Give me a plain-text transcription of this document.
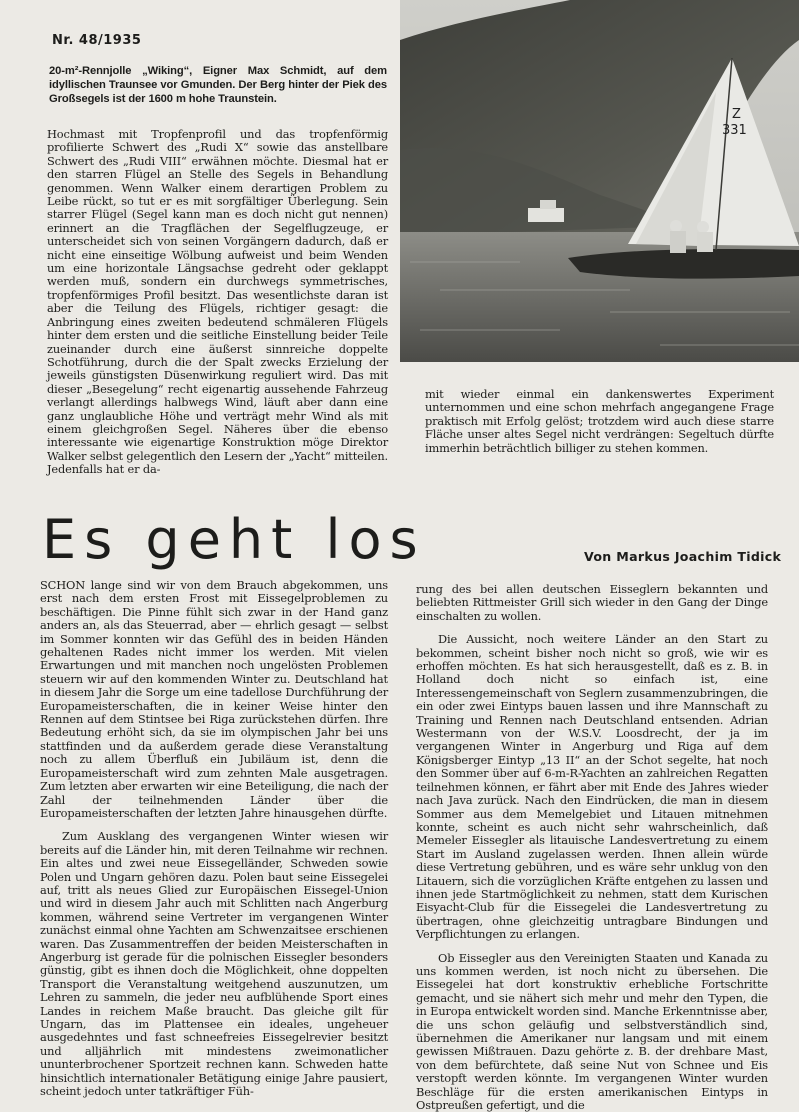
Nr. 48/1935
20-m²-Rennjolle „Wiking“, Eigner Max Schmidt, auf dem idyllischen Traunsee vor Gmunden. Der Berg hinter der Piek des Großsegels ist der 1600 m hohe Traunstein.
Z
331

Hochmast mit Tropfenprofil und das tropfenförmig profilierte Schwert des „Rudi X“ sowie das anstellbare Schwert des „Rudi VIII“ erwähnen möchte. Diesmal hat er den starren Flügel an Stelle des Segels in Behandlung genommen. Wenn Walker einem derartigen Problem zu Leibe rückt, so tut er es mit sorgfältiger Überlegung. Sein starrer Flügel (Segel kann man es doch nicht gut nennen) erinnert an die Tragflächen der Segelflugzeuge, er unterscheidet sich von seinen Vorgängern dadurch, daß er nicht eine einseitige Wölbung aufweist und beim Wenden um eine horizontale Längsachse gedreht oder geklappt werden muß, sondern ein durchwegs symmetrisches, tropfenförmiges Profil besitzt. Das wesentlichste daran ist aber die Teilung des Flügels, richtiger gesagt: die Anbringung eines zweiten bedeutend schmäleren Flügels hinter dem ersten und die seitliche Einstellung beider Teile zueinander durch eine äußerst sinnreiche doppelte Schotführung, durch die der Spalt zwecks Erzielung der jeweils günstigsten Düsenwirkung reguliert wird. Das mit dieser „Besegelung“ recht eigenartig aussehende Fahrzeug verlangt allerdings halbwegs Wind, läuft aber dann eine ganz unglaubliche Höhe und verträgt mehr Wind als mit einem gleichgroßen Segel. Näheres über die ebenso interessante wie eigenartige Konstruktion möge Direktor Walker selbst gelegentlich den Lesern der „Yacht“ mitteilen. Jedenfalls hat er da-

mit wieder einmal ein dankenswertes Experiment unternommen und eine schon mehrfach angegangene Frage praktisch mit Erfolg gelöst; trotzdem wird auch diese starre Fläche unser altes Segel nicht verdrängen: Segeltuch dürfte immerhin beträchtlich billiger zu stehen kommen.

Es geht los	Von Markus Joachim Tidick

SCHON lange sind wir von dem Brauch abgekommen, uns erst nach dem ersten Frost mit Eissegelproblemen zu beschäftigen. Die Pinne fühlt sich zwar in der Hand ganz anders an, als das Steuerrad, aber — ehrlich gesagt — selbst im Sommer konnten wir das Gefühl des in beiden Händen gehaltenen Rades nicht immer los werden. Mit vielen Erwartungen und mit manchen noch ungelösten Problemen steuern wir auf den kommenden Winter zu. Deutschland hat in diesem Jahr die Sorge um eine tadellose Durchführung der Europameisterschaften, die in keiner Weise hinter den Rennen auf dem Stintsee bei Riga zurückstehen dürfen. Ihre Bedeutung erhöht sich, da sie im olympischen Jahr bei uns stattfinden und da außerdem gerade diese Veranstaltung noch zu allem Überfluß ein Jubiläum ist, denn die Europameisterschaft wird zum zehnten Male ausgetragen. Zum letzten aber erwarten wir eine Beteiligung, die nach der Zahl der teilnehmenden Länder über die Europameisterschaften der letzten Jahre hinausgehen dürfte.

Zum Ausklang des vergangenen Winter wiesen wir bereits auf die Länder hin, mit deren Teilnahme wir rechnen. Ein altes und zwei neue Eissegelländer, Schweden sowie Polen und Ungarn gehören dazu. Polen baut seine Eissegelei auf, tritt als neues Glied zur Europäischen Eissegel-Union und wird in diesem Jahr auch mit Schlitten nach Angerburg kommen, während seine Vertreter im vergangenen Winter zunächst einmal ohne Yachten am Schwenzaitsee erschienen waren. Das Zusammentreffen der beiden Meisterschaften in Angerburg ist gerade für die polnischen Eissegler besonders günstig, gibt es ihnen doch die Möglichkeit, ohne doppelten Transport die Veranstaltung weitgehend auszunutzen, um Lehren zu sammeln, die jeder neu aufblühende Sport eines Landes in reichem Maße braucht. Das gleiche gilt für Ungarn, das im Plattensee ein ideales, ungeheuer ausgedehntes und fast schneefreies Eissegelrevier besitzt und alljährlich mit mindestens zweimonatlicher ununterbrochener Sportzeit rechnen kann. Schweden hatte hinsichtlich internationaler Betätigung einige Jahre pausiert, scheint jedoch unter tatkräftiger Füh-

rung des bei allen deutschen Eisseglern bekannten und beliebten Rittmeister Grill sich wieder in den Gang der Dinge einschalten zu wollen.

Die Aussicht, noch weitere Länder an den Start zu bekommen, scheint bisher noch nicht so groß, wie wir es erhoffen möchten. Es hat sich herausgestellt, daß es z. B. in Holland doch nicht so einfach ist, eine Interessengemeinschaft von Seglern zusammenzubringen, die ein oder zwei Eintyps bauen lassen und ihre Mannschaft zu Training und Rennen nach Deutschland entsenden. Adrian Westermann von der W.S.V. Loosdrecht, der ja im vergangenen Winter in Angerburg und Riga auf dem Königsberger Eintyp „13 II“ an der Schot segelte, hat noch den Sommer über auf 6-m-R-Yachten an zahlreichen Regatten teilnehmen können, er fährt aber mit Ende des Jahres wieder nach Java zurück. Nach den Eindrücken, die man in diesem Sommer aus dem Memelgebiet und Litauen mitnehmen konnte, scheint es auch nicht sehr wahrscheinlich, daß Memeler Eissegler als litauische Landesvertretung zu einem Start im Ausland zugelassen werden. Ihnen allein würde diese Vertretung gebühren, und es wäre sehr unklug von den Litauern, sich die vorzüglichen Kräfte entgehen zu lassen und ihnen jede Startmöglichkeit zu nehmen, statt dem Kurischen Eisyacht-Club für die Eissegelei die Landesvertretung zu übertragen, ohne gleichzeitig untragbare Bindungen und Verpflichtungen zu erlangen.

Ob Eissegler aus den Vereinigten Staaten und Kanada zu uns kommen werden, ist noch nicht zu übersehen. Die Eissegelei hat dort konstruktiv erhebliche Fortschritte gemacht, und sie nähert sich mehr und mehr den Typen, die in Europa entwickelt worden sind. Manche Erkenntnisse aber, die uns schon geläufig und selbstverständlich sind, übernehmen die Amerikaner nur langsam und mit einem gewissen Mißtrauen. Dazu gehörte z. B. der drehbare Mast, von dem befürchtete, daß seine Nut von Schnee und Eis verstopft werden könnte. Im vergangenen Winter wurden Beschläge für die ersten amerikanischen Eintyps in Ostpreußen gefertigt, und die
